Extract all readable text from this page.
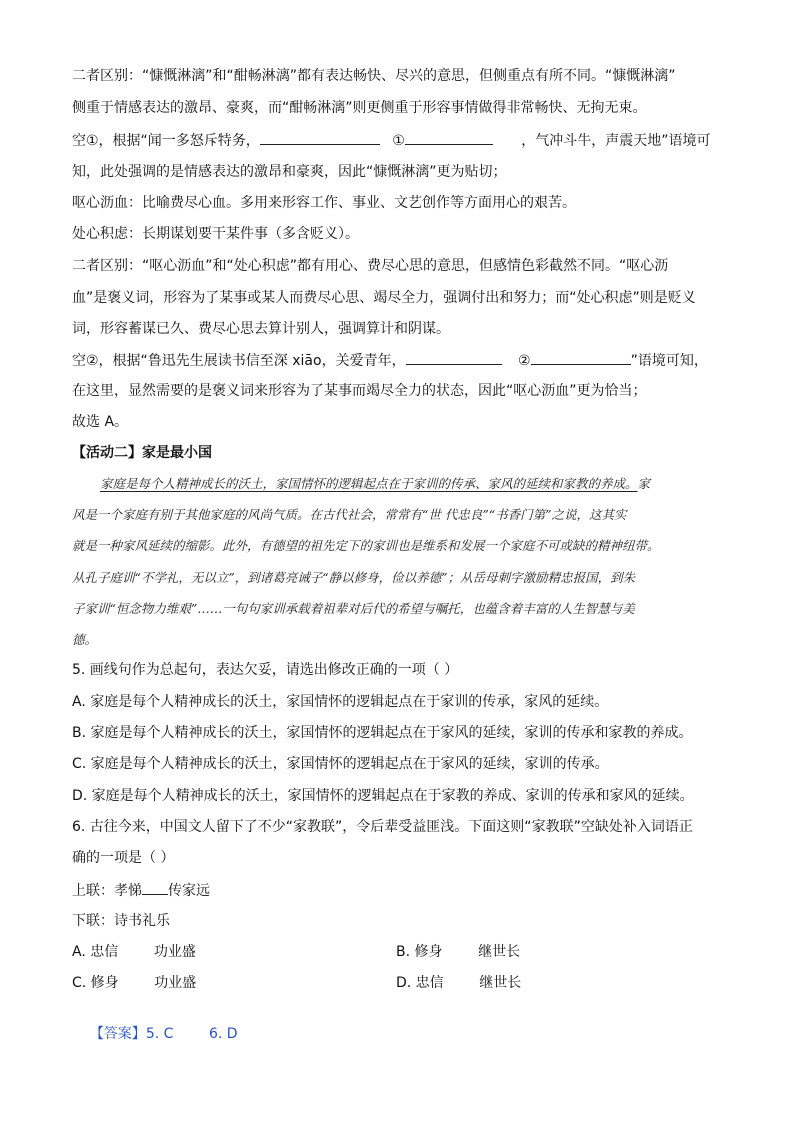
二者区别：“慷慨淋漓”和“酣畅淋漓”都有表达畅快、尽兴的意思，但侧重点有所不同。“慷慨淋漓”
侧重于情感表达的激昂、豪爽，而“酣畅淋漓”则更侧重于形容事情做得非常畅快、无拘无束。
空①，根据“闻一多怒斥特务，	①	，气冲斗牛，声震天地”语境可
知，此处强调的是情感表达的激昂和豪爽，因此“慷慨淋漓”更为贴切；
呕心沥血：比喻费尽心血。多用来形容工作、事业、文艺创作等方面用心的艰苦。
处心积虑：长期谋划要干某件事（多含贬义）。
二者区别：“呕心沥血”和“处心积虑”都有用心、费尽心思的意思，但感情色彩截然不同。“呕心沥
血”是褒义词，形容为了某事或某人而费尽心思、竭尽全力，强调付出和努力；而“处心积虑”则是贬义
词，形容蓄谋已久、费尽心思去算计别人，强调算计和阴谋。
空②，根据“鲁迅先生展读书信至深 xiāo，关爱青年，	②	”语境可知，
在这里，显然需要的是褒义词来形容为了某事而竭尽全力的状态，因此“呕心沥血”更为恰当；
故选 A。
【活动二】家是最小国
家庭是每个人精神成长的沃土，家国情怀的逻辑起点在于家训的传承、家风的延续和家教的养成。家
风是一个家庭有别于其他家庭的风尚气质。在古代社会，常常有“世 代忠良”“书香门第”之说，这其实
就是一种家风延续的缩影。此外，有德望的祖先定下的家训也是维系和发展一个家庭不可或缺的精神纽带。
从孔子庭训“不学礼，无以立”，到诸葛亮诫子“静以修身，俭以养德”；从岳母刺字激励精忠报国，到朱
子家训“恒念物力维艰”……一句句家训承载着祖辈对后代的希望与嘱托，也蕴含着丰富的人生智慧与美
德。
5. 画线句作为总起句，表达欠妥，请选出修改正确的一项（ ）
A. 家庭是每个人精神成长的沃土，家国情怀的逻辑起点在于家训的传承，家风的延续。
B. 家庭是每个人精神成长的沃土，家国情怀的逻辑起点在于家风的延续，家训的传承和家教的养成。
C. 家庭是每个人精神成长的沃土，家国情怀的逻辑起点在于家风的延续，家训的传承。
D. 家庭是每个人精神成长的沃土，家国情怀的逻辑起点在于家教的养成、家训的传承和家风的延续。
6. 古往今来，中国文人留下了不少“家教联”，令后辈受益匪浅。下面这则“家教联”空缺处补入词语正
确的一项是（ ）
上联：孝悌 传家远
下联：诗书礼乐
A. 忠信        功业盛	B. 修身        继世长
C. 修身        功业盛	D. 忠信        继世长

【答案】5. C        6. D
